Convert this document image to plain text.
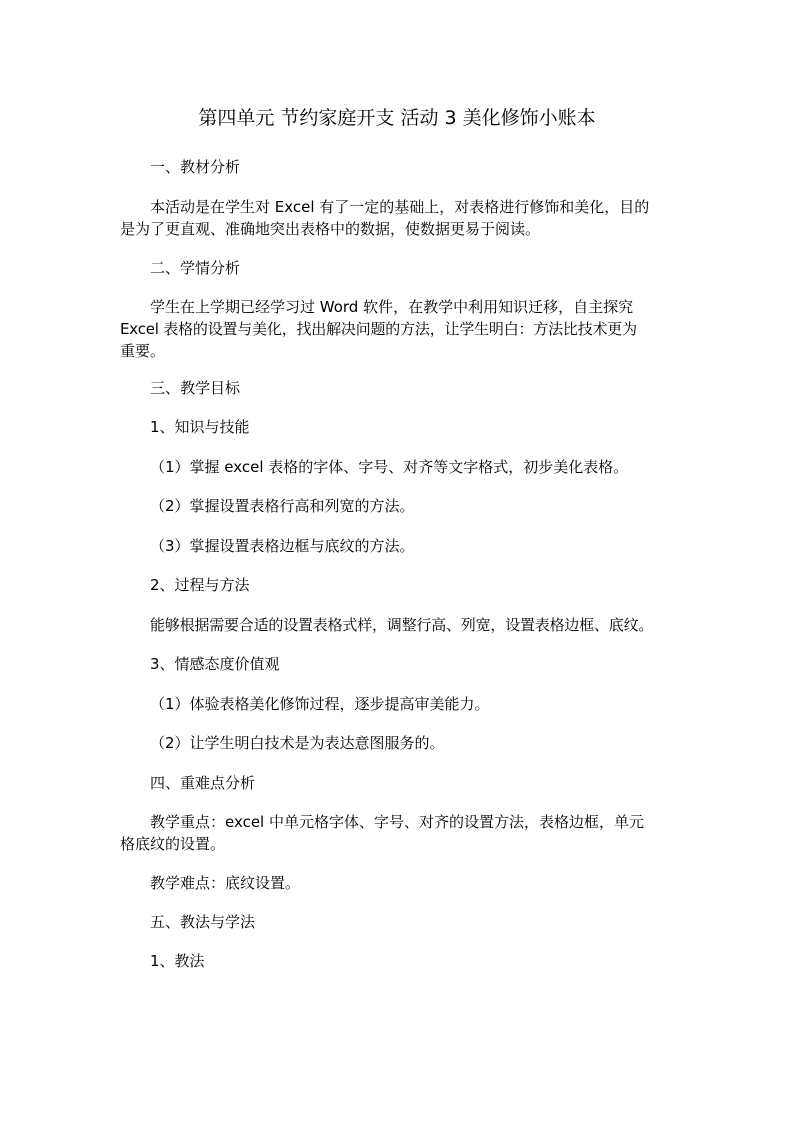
第四单元 节约家庭开支 活动 3 美化修饰小账本
一、教材分析
本活动是在学生对 Excel 有了一定的基础上，对表格进行修饰和美化，目的
是为了更直观、准确地突出表格中的数据，使数据更易于阅读。
二、学情分析
学生在上学期已经学习过 Word 软件，在教学中利用知识迁移，自主探究
Excel 表格的设置与美化，找出解决问题的方法，让学生明白：方法比技术更为
重要。
三、教学目标
1、知识与技能
（1）掌握 excel 表格的字体、字号、对齐等文字格式，初步美化表格。
（2）掌握设置表格行高和列宽的方法。
（3）掌握设置表格边框与底纹的方法。
2、过程与方法
能够根据需要合适的设置表格式样，调整行高、列宽，设置表格边框、底纹。
3、情感态度价值观
（1）体验表格美化修饰过程，逐步提高审美能力。
（2）让学生明白技术是为表达意图服务的。
四、重难点分析
教学重点：excel 中单元格字体、字号、对齐的设置方法，表格边框，单元
格底纹的设置。
教学难点：底纹设置。
五、教法与学法
1、教法
